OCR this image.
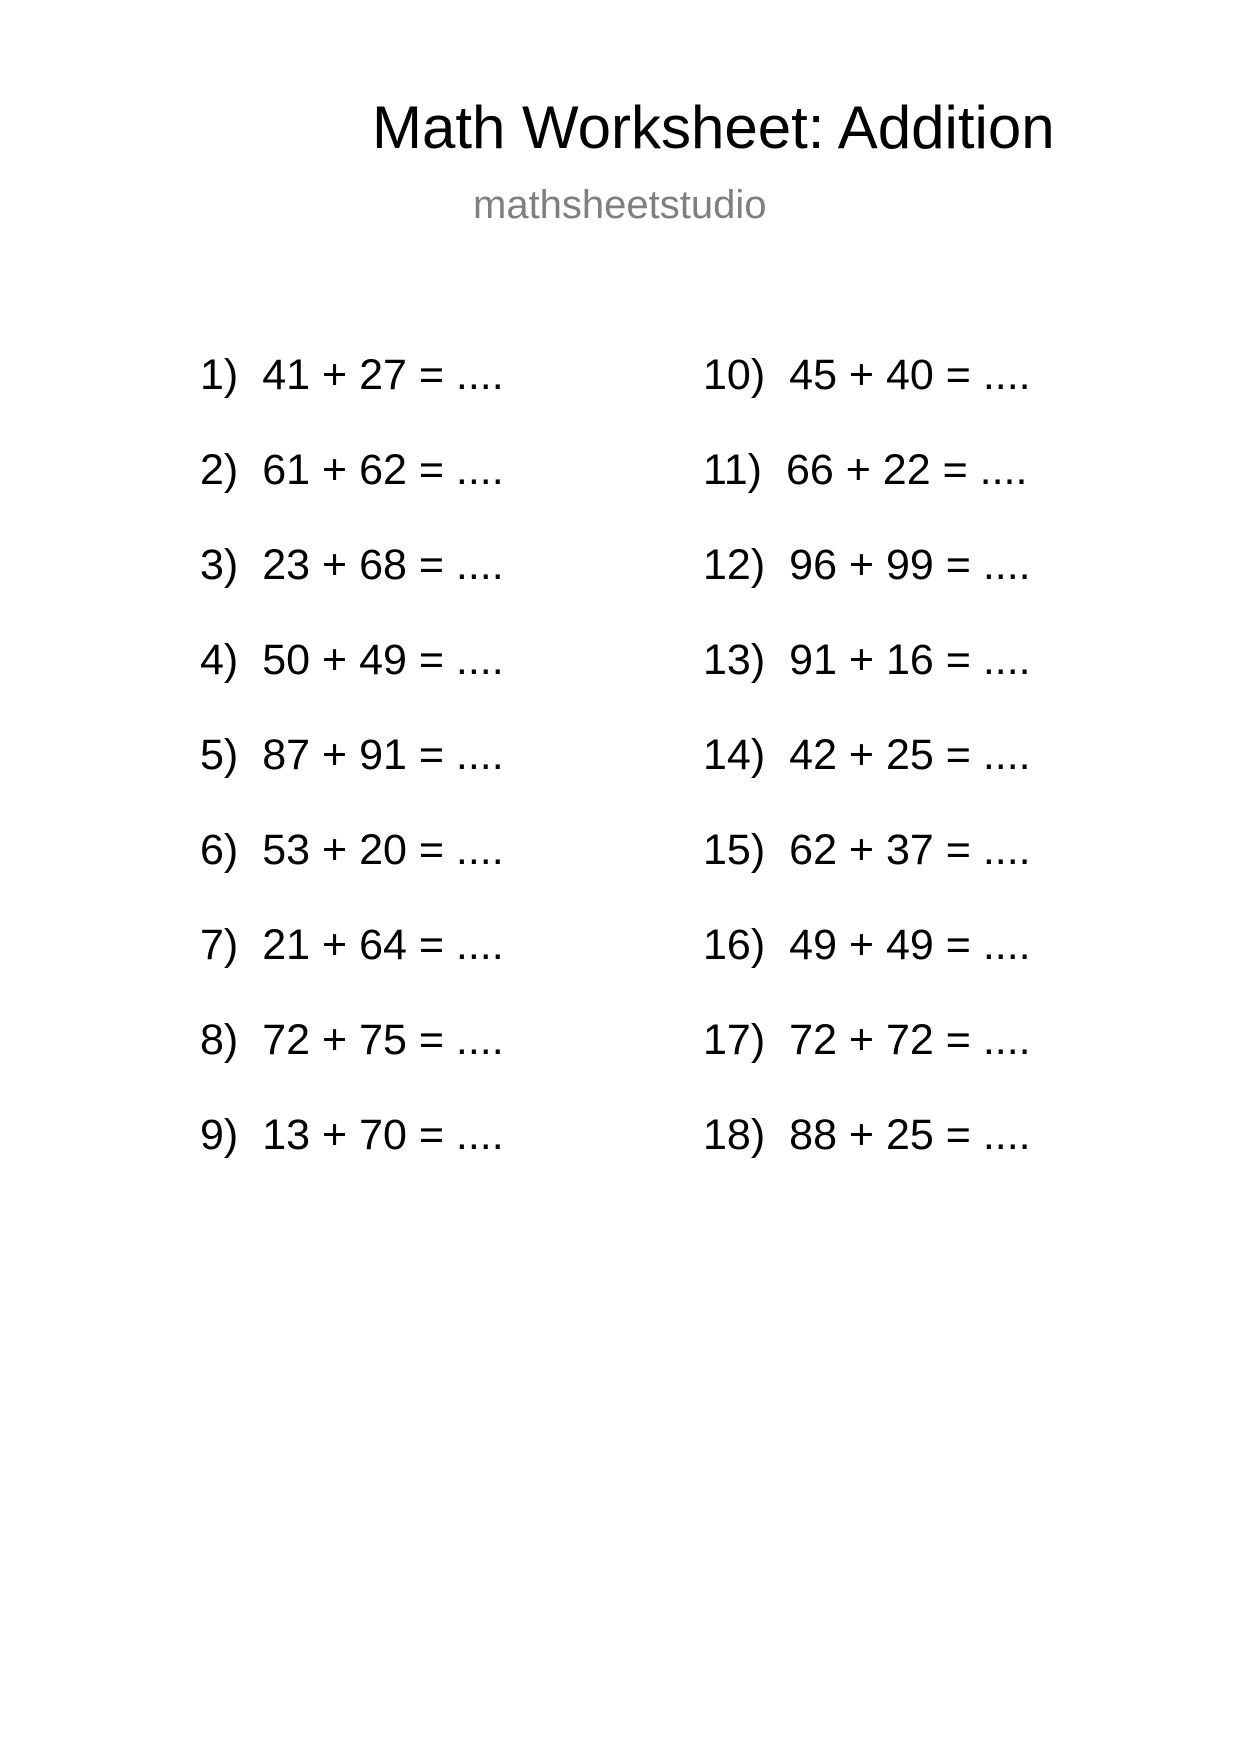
Math Worksheet: Addition
mathsheetstudio
1) 41 + 27 = ....
2) 61 + 62 = ....
3) 23 + 68 = ....
4) 50 + 49 = ....
5) 87 + 91 = ....
6) 53 + 20 = ....
7) 21 + 64 = ....
8) 72 + 75 = ....
9) 13 + 70 = ....
10) 45 + 40 = ....
11) 66 + 22 = ....
12) 96 + 99 = ....
13) 91 + 16 = ....
14) 42 + 25 = ....
15) 62 + 37 = ....
16) 49 + 49 = ....
17) 72 + 72 = ....
18) 88 + 25 = ....
